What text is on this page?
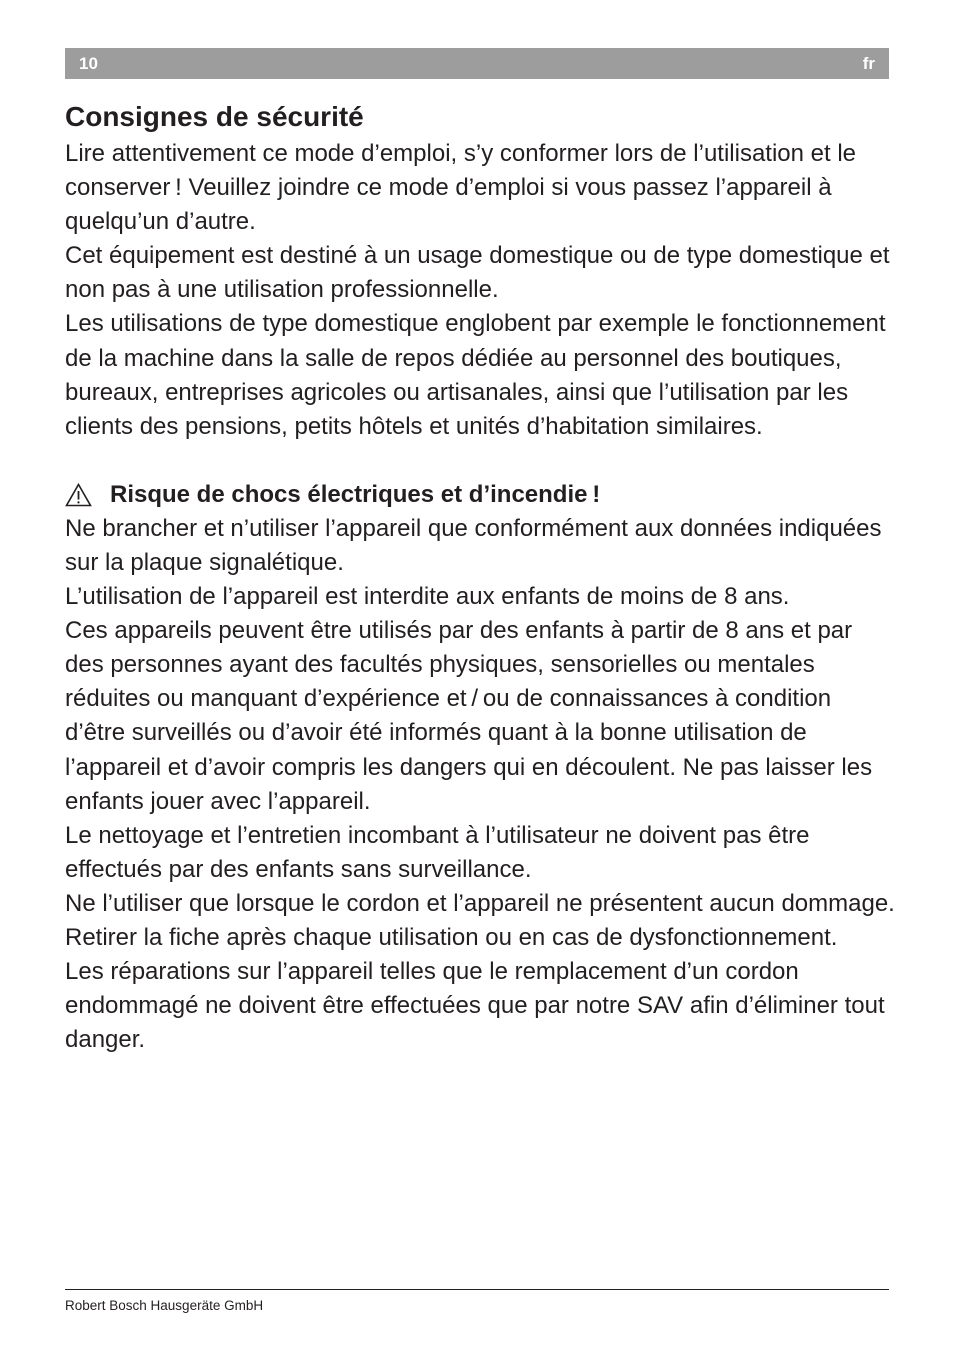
10	fr
Consignes de sécurité

Lire attentivement ce mode d’emploi, s’y conformer lors de l’utilisation et le conserver ! Veuillez joindre ce mode d’emploi si vous passez l’appareil à quelqu’un d’autre.

Cet équipement est destiné à un usage domestique ou de type domestique et non pas à une utilisation professionnelle.

Les utilisations de type domestique englobent par exemple le fonctionnement de la machine dans la salle de repos dédiée au personnel des boutiques, bureaux, entreprises agricoles ou artisanales, ainsi que l’utilisation par les clients des pensions, petits hôtels et unités d’habitation similaires.

Risque de chocs électriques et d’incendie !

Ne brancher et n’utiliser l’appareil que conformément aux données indiquées sur la plaque signalétique.

L’utilisation de l’appareil est interdite aux enfants de moins de 8 ans.

Ces appareils peuvent être utilisés par des enfants à partir de 8 ans et par des personnes ayant des facultés physiques, sensorielles ou mentales réduites ou manquant d’expérience et / ou de connaissances à condition d’être surveillés ou d’avoir été informés quant à la bonne utilisation de l’appareil et d’avoir compris les dangers qui en découlent. Ne pas laisser les enfants jouer avec l’appareil.

Le nettoyage et l’entretien incombant à l’utilisateur ne doivent pas être effectués par des enfants sans surveillance.

Ne l’utiliser que lorsque le cordon et l’appareil ne présentent aucun dommage.

Retirer la fiche après chaque utilisation ou en cas de dysfonctionnement.

Les réparations sur l’appareil telles que le remplacement d’un cordon endommagé ne doivent être effectuées que par notre SAV afin d’éliminer tout danger.

Robert Bosch Hausgeräte GmbH
